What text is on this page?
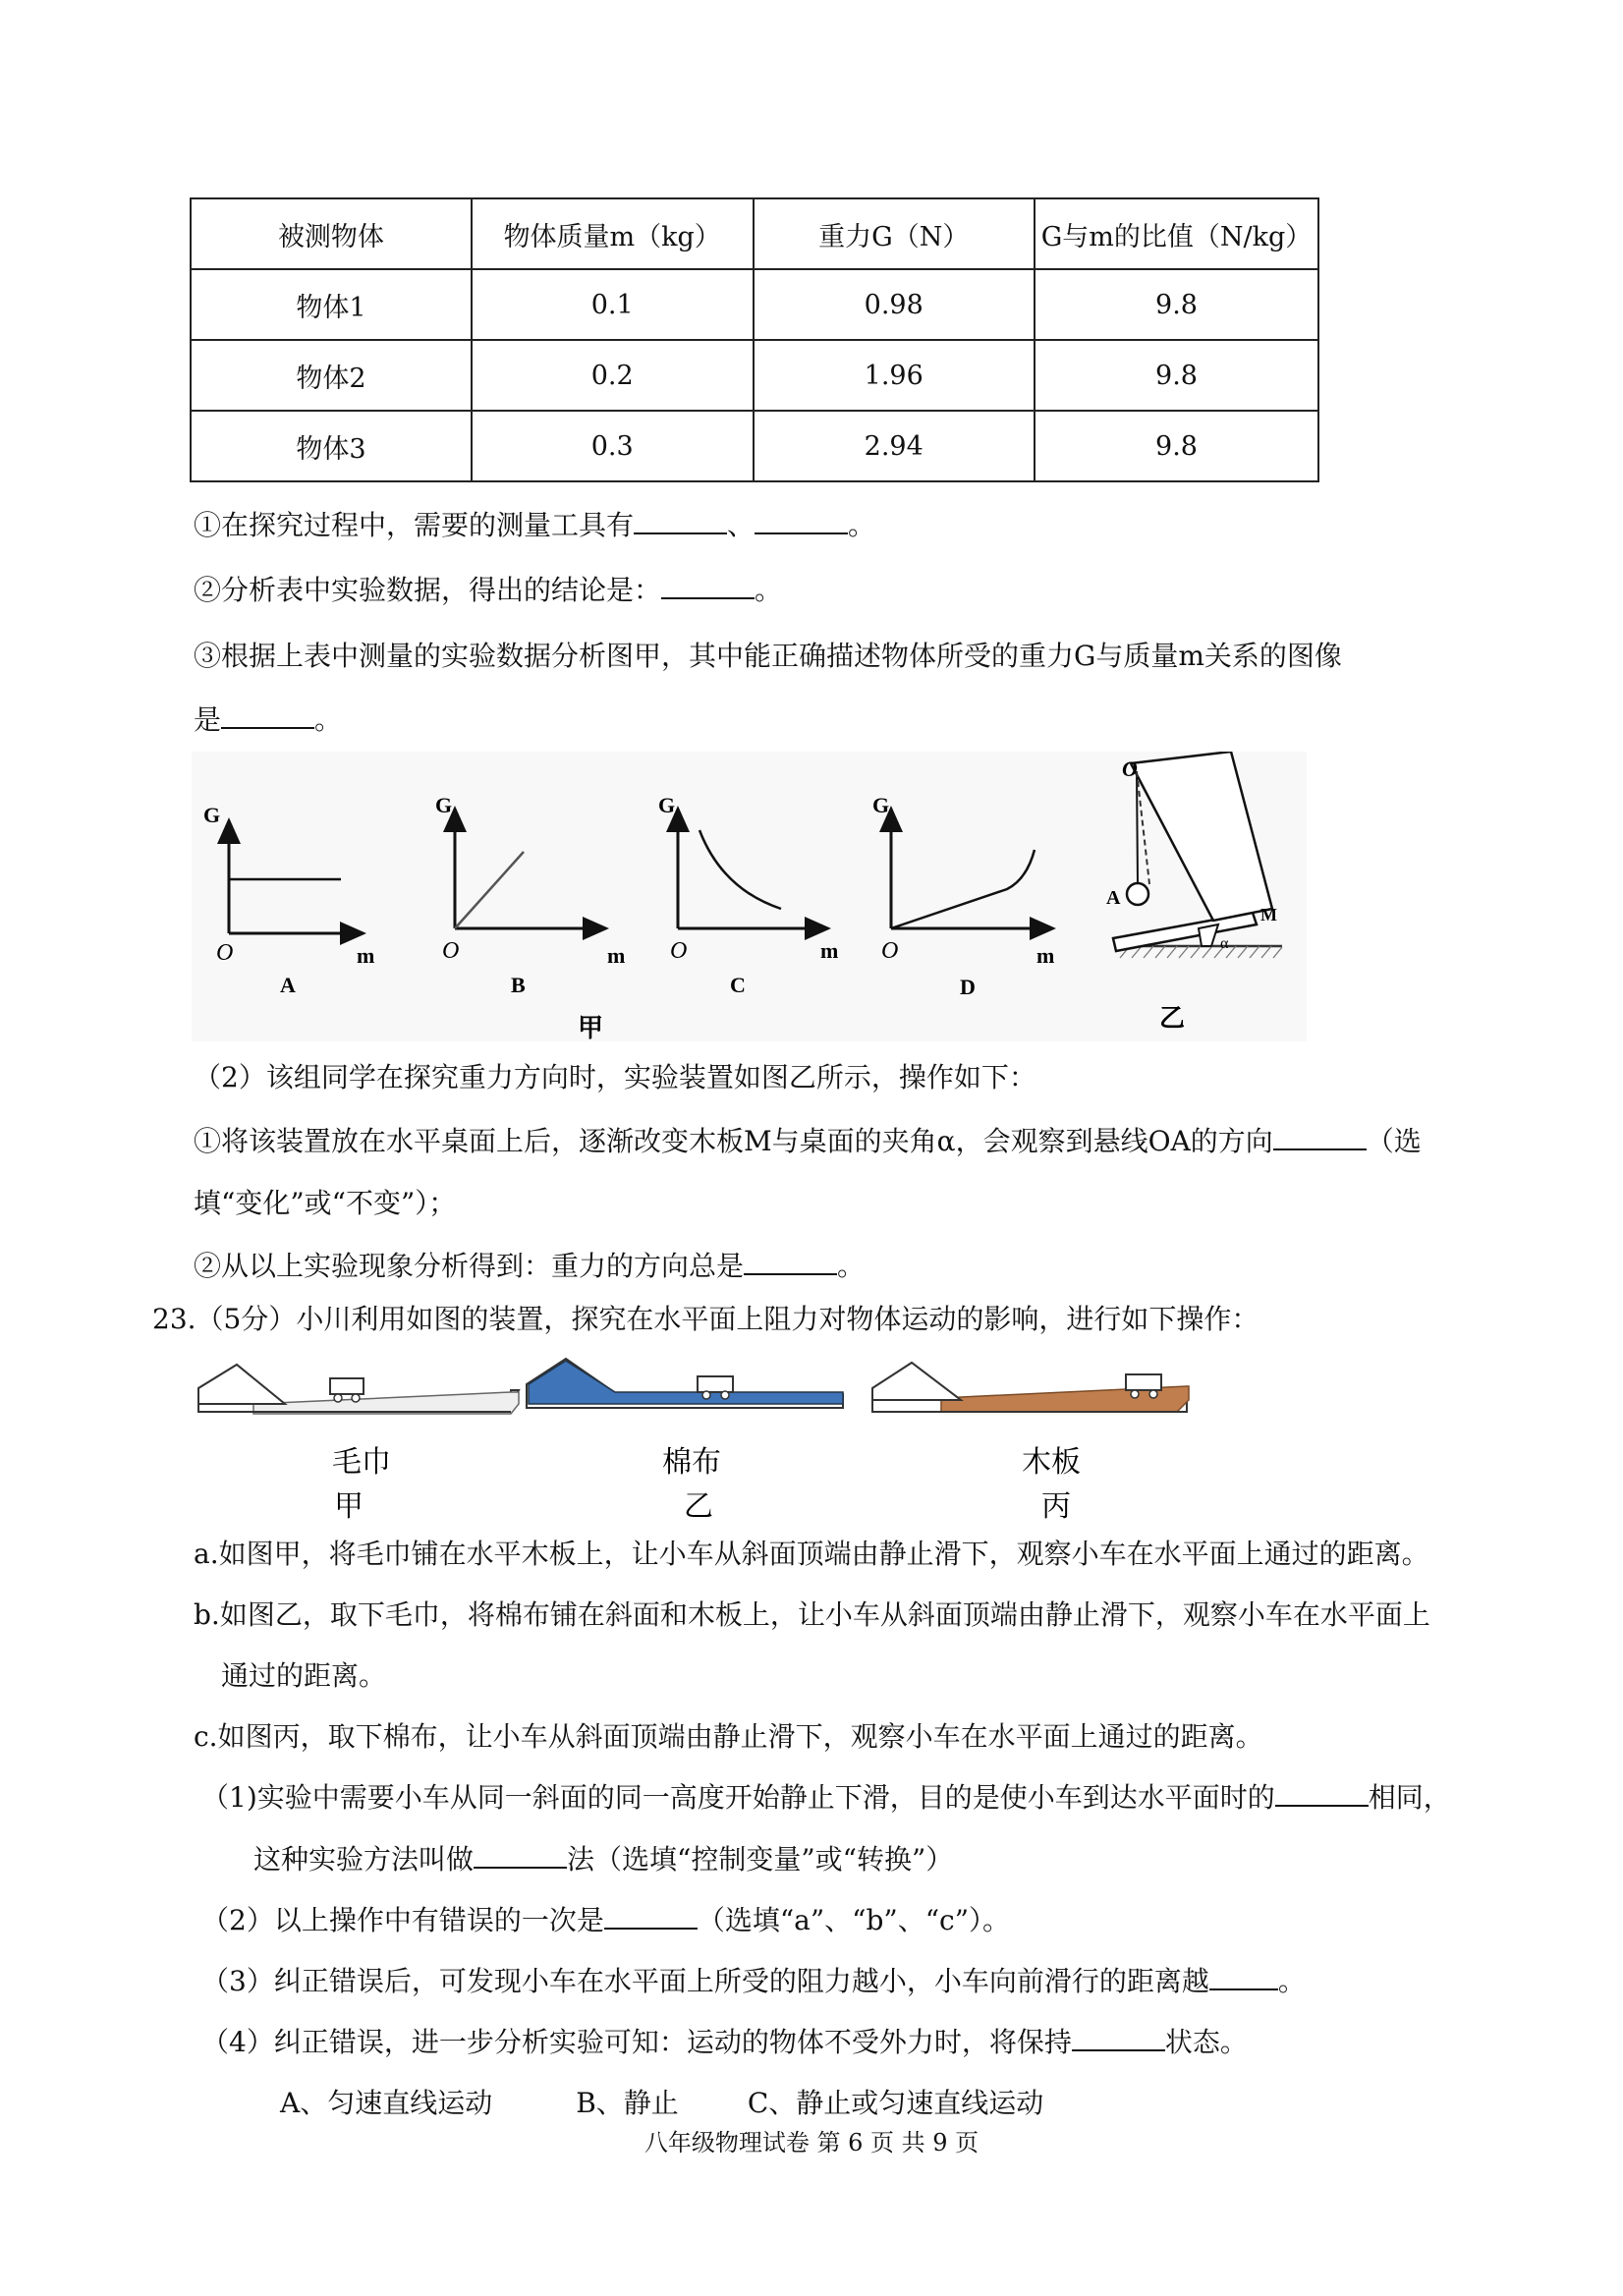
被测物体	物体质量m（kg）	重力G（N）	G与m的比值（N/kg）
物体1	0.1	0.98	9.8
物体2	0.2	1.96	9.8
物体3	0.3	2.94	9.8
①在探究过程中，需要的测量工具有	、	。
②分析表中实验数据，得出的结论是：	。
③根据上表中测量的实验数据分析图甲，其中能正确描述物体所受的重力G与质量m关系的图像
是	。
G
m
O
A
G
m
O
B
G
m
O
C
G
m
O
D
甲
O
A
M
α
乙
（2）该组同学在探究重力方向时，实验装置如图乙所示，操作如下：
①将该装置放在水平桌面上后，逐渐改变木板M与桌面的夹角α，会观察到悬线OA的方向	（选
填“变化”或“不变”）；
②从以上实验现象分析得到：重力的方向总是	。
23.（5分）小川利用如图的装置，探究在水平面上阻力对物体运动的影响，进行如下操作：
毛巾
甲
棉布
乙
木板
丙
a.如图甲，将毛巾铺在水平木板上，让小车从斜面顶端由静止滑下，观察小车在水平面上通过的距离。
b.如图乙，取下毛巾，将棉布铺在斜面和木板上，让小车从斜面顶端由静止滑下，观察小车在水平面上
通过的距离。
c.如图丙，取下棉布，让小车从斜面顶端由静止滑下，观察小车在水平面上通过的距离。
（1)实验中需要小车从同一斜面的同一高度开始静止下滑，目的是使小车到达水平面时的	相同，
这种实验方法叫做	法（选填“控制变量”或“转换”）
（2）以上操作中有错误的一次是	（选填“a”、“b”、“c”）。
（3）纠正错误后，可发现小车在水平面上所受的阻力越小，小车向前滑行的距离越	。
（4）纠正错误，进一步分析实验可知：运动的物体不受外力时，将保持	状态。
A、匀速直线运动	B、静止	C、静止或匀速直线运动
八年级物理试卷 第 6 页 共 9 页
